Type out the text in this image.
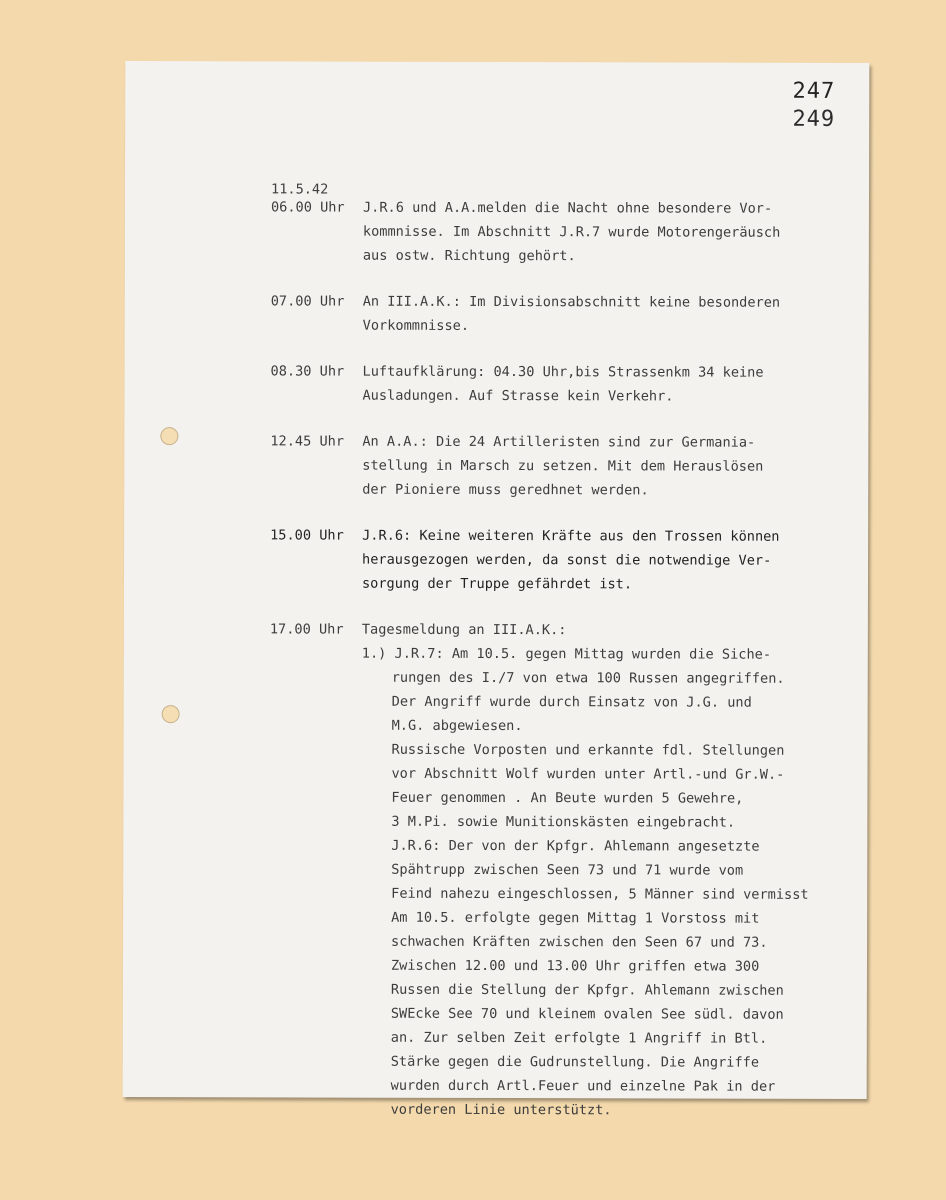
247
249
11.5.42
06.00 Uhr	J.R.6 und A.A.melden die Nacht ohne besondere Vor-
kommnisse. Im Abschnitt J.R.7 wurde Motorengeräusch
aus ostw. Richtung gehört.
07.00 Uhr	An III.A.K.: Im Divisionsabschnitt keine besonderen
Vorkommnisse.
08.30 Uhr	Luftaufklärung: 04.30 Uhr,bis Strassenkm 34 keine
Ausladungen. Auf Strasse kein Verkehr.
12.45 Uhr	An A.A.: Die 24 Artilleristen sind zur Germania-
stellung in Marsch zu setzen. Mit dem Herauslösen
der Pioniere muss geredhnet werden.
15.00 Uhr	J.R.6: Keine weiteren Kräfte aus den Trossen können
herausgezogen werden, da sonst die notwendige Ver-
sorgung der Truppe gefährdet ist.
17.00 Uhr	Tagesmeldung an III.A.K.:
1.) J.R.7: Am 10.5. gegen Mittag wurden die Siche-
rungen des I./7 von etwa 100 Russen angegriffen.
Der Angriff wurde durch Einsatz von J.G. und
M.G. abgewiesen.
Russische Vorposten und erkannte fdl. Stellungen
vor Abschnitt Wolf wurden unter Artl.-und Gr.W.-
Feuer genommen . An Beute wurden 5 Gewehre,
3 M.Pi. sowie Munitionskästen eingebracht.
J.R.6: Der von der Kpfgr. Ahlemann angesetzte
Spähtrupp zwischen Seen 73 und 71 wurde vom
Feind nahezu eingeschlossen, 5 Männer sind vermisst
Am 10.5. erfolgte gegen Mittag 1 Vorstoss mit
schwachen Kräften zwischen den Seen 67 und 73.
Zwischen 12.00 und 13.00 Uhr griffen etwa 300
Russen die Stellung der Kpfgr. Ahlemann zwischen
SWEcke See 70 und kleinem ovalen See südl. davon
an. Zur selben Zeit erfolgte 1 Angriff in Btl.
Stärke gegen die Gudrunstellung. Die Angriffe
wurden durch Artl.Feuer und einzelne Pak in der
vorderen Linie unterstützt.
